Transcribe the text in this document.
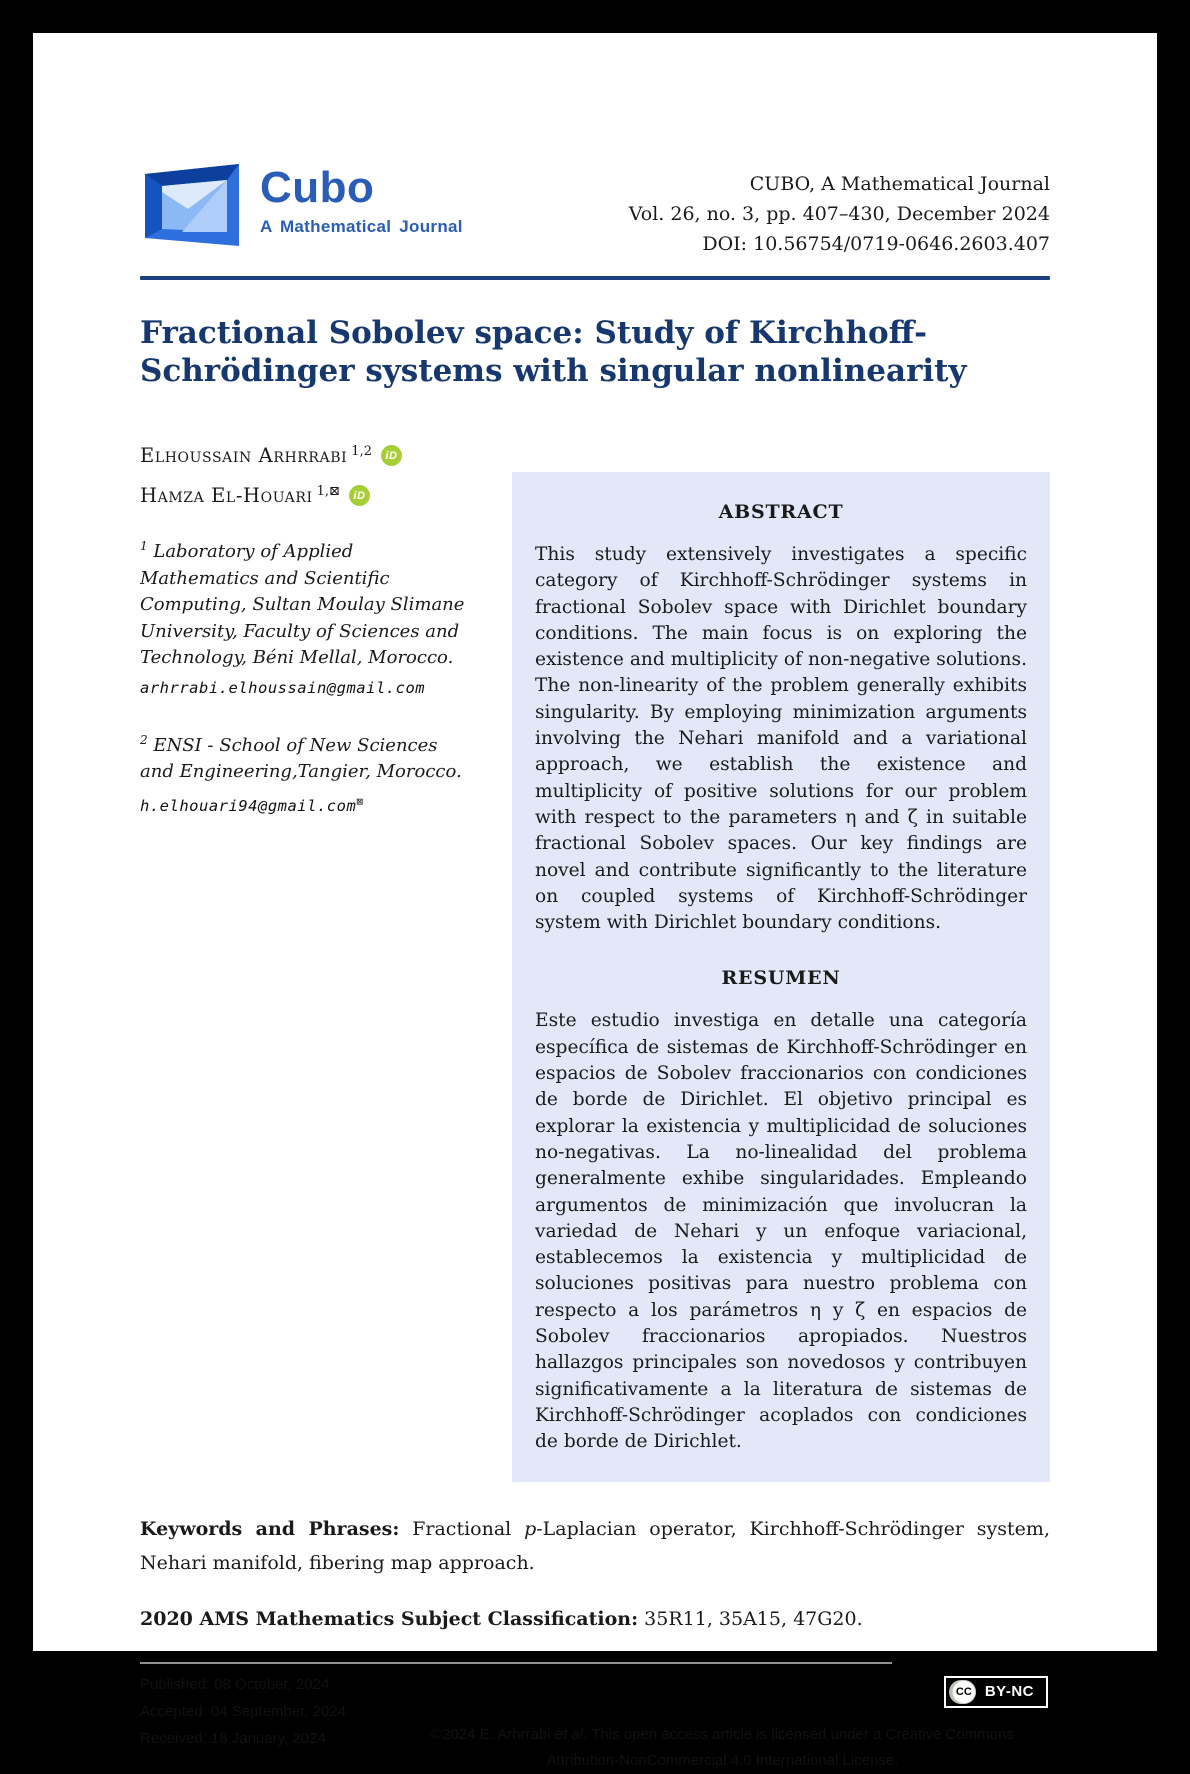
Cubo
A Mathematical Journal
CUBO, A Mathematical Journal
Vol. 26, no. 3, pp. 407–430, December 2024
DOI: 10.56754/0719-0646.2603.407
Fractional Sobolev space: Study of Kirchhoff-Schrödinger systems with singular nonlinearity
Elhoussain Arhrrabi $^{1,2}$	iD
Hamza El-Houari $^{1,⊠}$	iD

$^1$ Laboratory of Applied Mathematics and Scientific Computing, Sultan Moulay Slimane University, Faculty of Sciences and Technology, Béni Mellal, Morocco.

arhrrabi.elhoussain@gmail.com

$^2$ ENSI - School of New Sciences and Engineering,Tangier, Morocco.

h.elhouari94@gmail.com⊠
ABSTRACT

This study extensively investigates a specific category of Kirchhoff-Schrödinger systems in fractional Sobolev space with Dirichlet boundary conditions. The main focus is on exploring the existence and multiplicity of non-negative solutions. The non-linearity of the problem generally exhibits singularity. By employing minimization arguments involving the Nehari manifold and a variational approach, we establish the existence and multiplicity of positive solutions for our problem with respect to the parameters η and ζ in suitable fractional Sobolev spaces. Our key findings are novel and contribute significantly to the literature on coupled systems of Kirchhoff-Schrödinger system with Dirichlet boundary conditions.

RESUMEN

Este estudio investiga en detalle una categoría específica de sistemas de Kirchhoff-Schrödinger en espacios de Sobolev fraccionarios con condiciones de borde de Dirichlet. El objetivo principal es explorar la existencia y multiplicidad de soluciones no-negativas. La no-linealidad del problema generalmente exhibe singularidades. Empleando argumentos de minimización que involucran la variedad de Nehari y un enfoque variacional, establecemos la existencia y multiplicidad de soluciones positivas para nuestro problema con respecto a los parámetros η y ζ en espacios de Sobolev fraccionarios apropiados. Nuestros hallazgos principales son novedosos y contribuyen significativamente a la literatura de sistemas de Kirchhoff-Schrödinger acoplados con condiciones de borde de Dirichlet.

Keywords and Phrases: Fractional p-Laplacian operator, Kirchhoff-Schrödinger system, Nehari manifold, fibering map approach.

2020 AMS Mathematics Subject Classification: 35R11, 35A15, 47G20.

Published: 08 October, 2024
Accepted: 04 September, 2024
Received: 18 January, 2024
CC BY-NC
©2024 E. Arhrrabi et al. This open access article is licensed under a Creative Commons Attribution-NonCommercial 4.0 International License.
